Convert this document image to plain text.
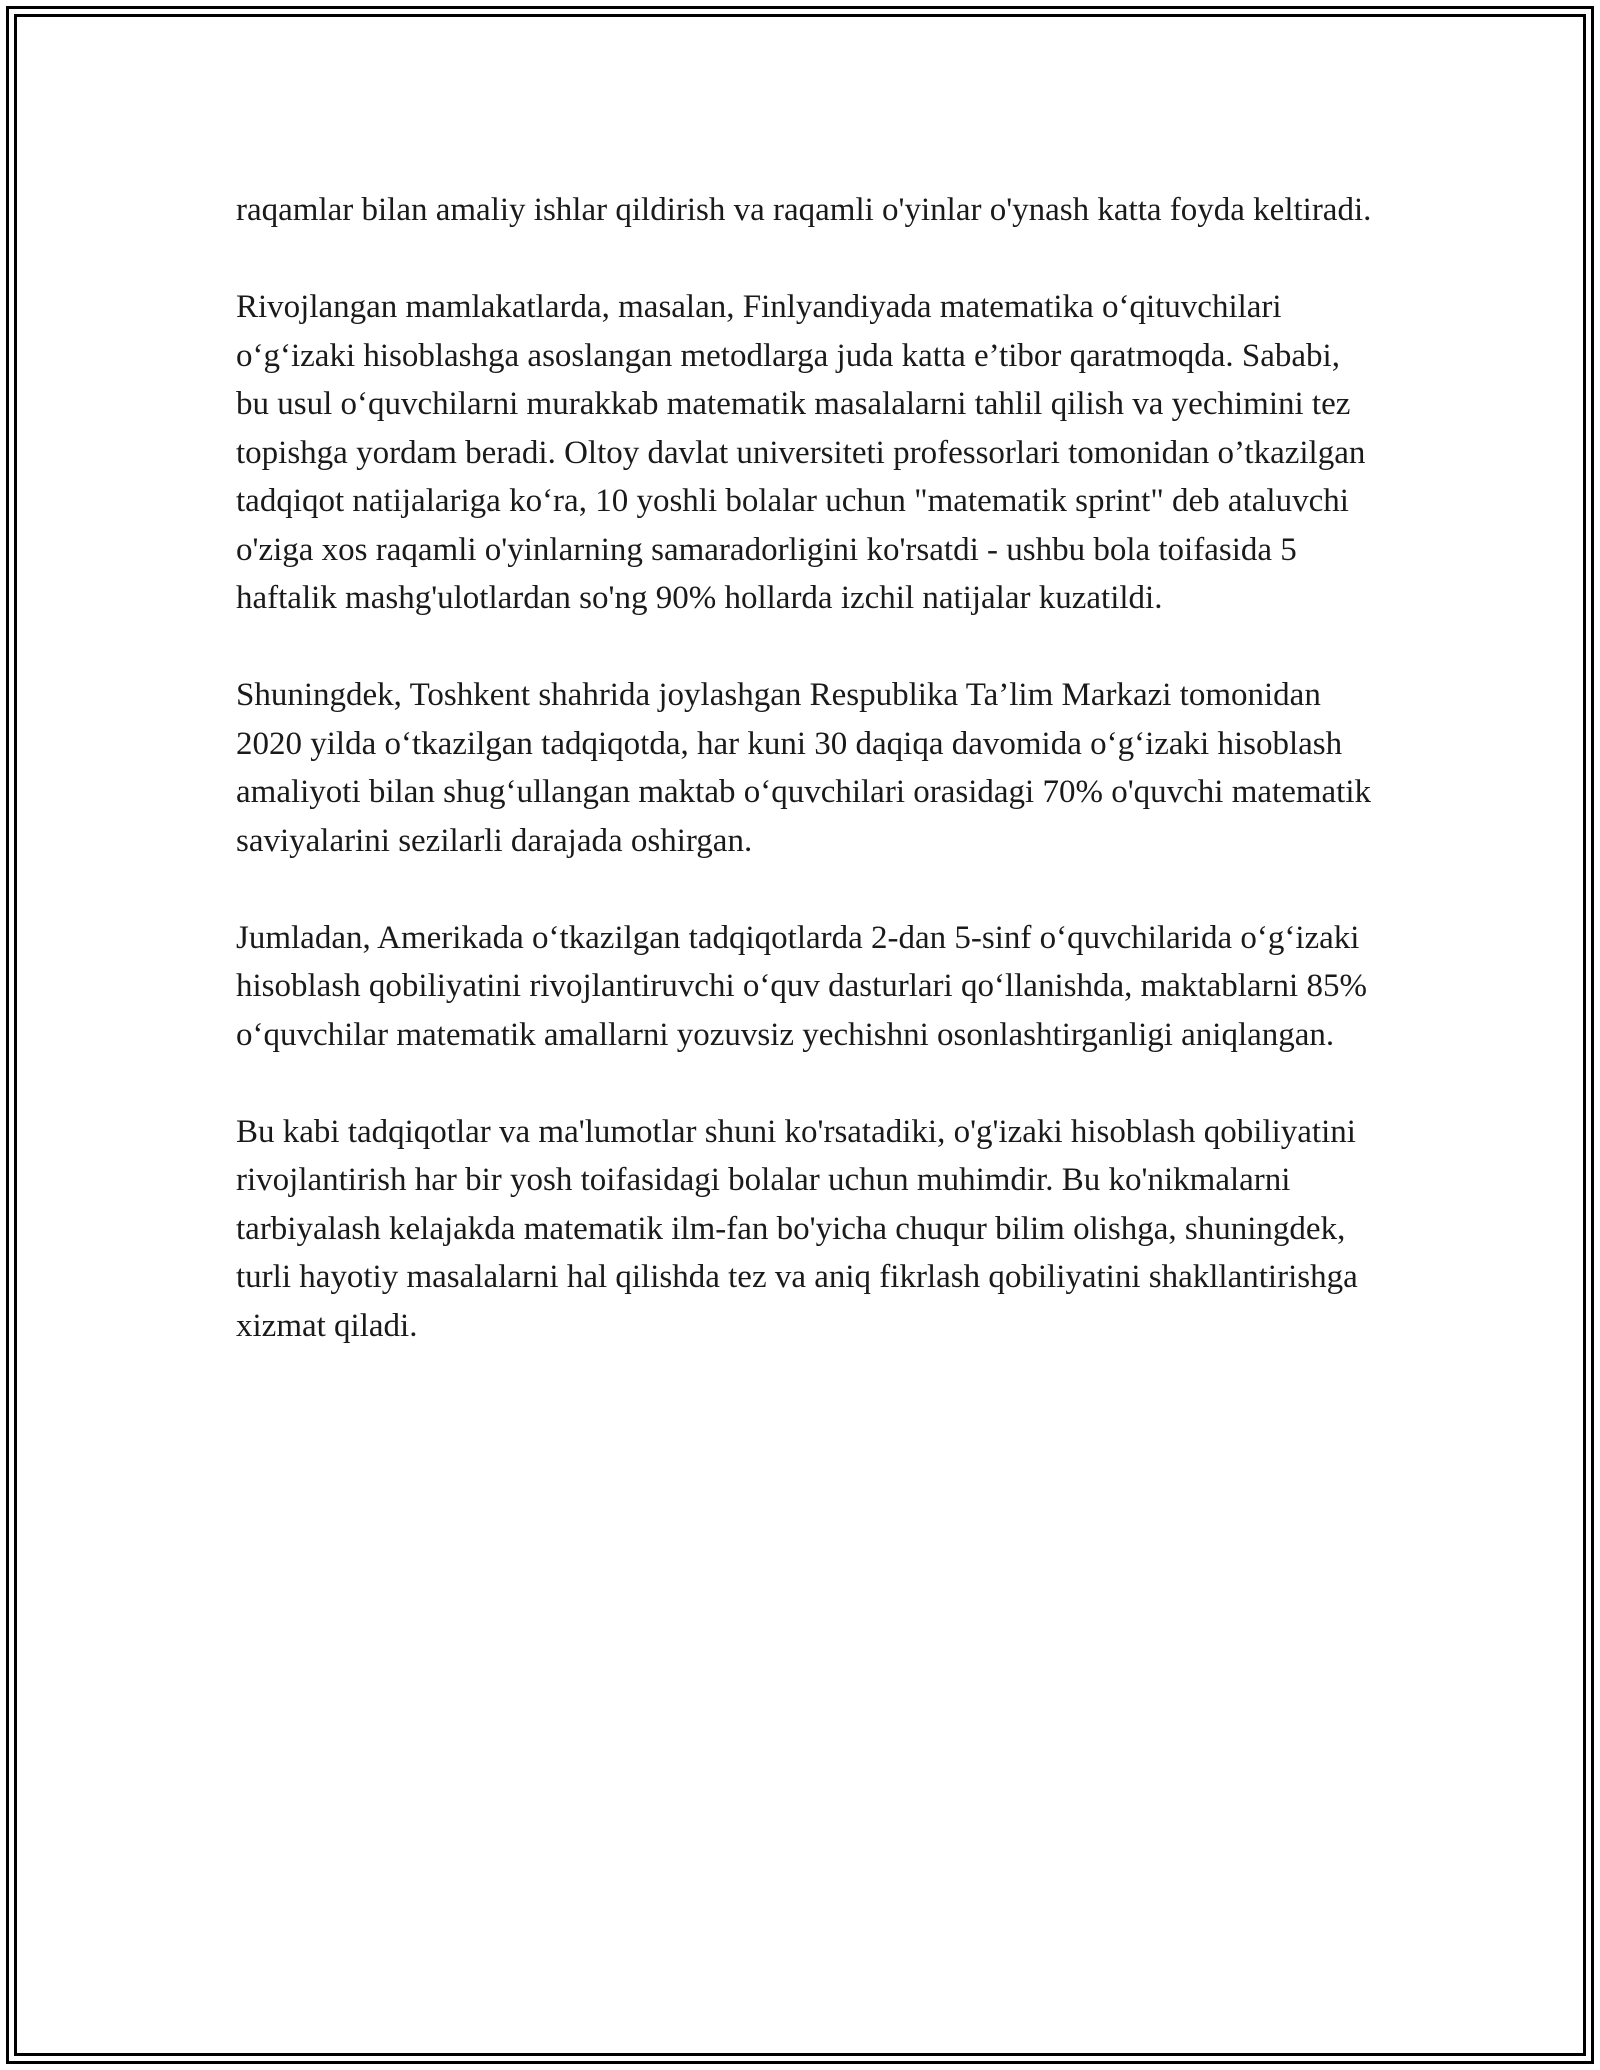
raqamlar bilan amaliy ishlar qildirish va raqamli o'yinlar o'ynash katta foyda keltiradi.

Rivojlangan mamlakatlarda, masalan, Finlyandiyada matematika o‘qituvchilari o‘g‘izaki hisoblashga asoslangan metodlarga juda katta e’tibor qaratmoqda. Sababi, bu usul o‘quvchilarni murakkab matematik masalalarni tahlil qilish va yechimini tez topishga yordam beradi. Oltoy davlat universiteti professorlari tomonidan o’tkazilgan tadqiqot natijalariga ko‘ra, 10 yoshli bolalar uchun "matematik sprint" deb ataluvchi o'ziga xos raqamli o'yinlarning samaradorligini ko'rsatdi - ushbu bola toifasida 5 haftalik mashg'ulotlardan so'ng 90% hollarda izchil natijalar kuzatildi.

Shuningdek, Toshkent shahrida joylashgan Respublika Ta’lim Markazi tomonidan 2020 yilda o‘tkazilgan tadqiqotda, har kuni 30 daqiqa davomida o‘g‘izaki hisoblash amaliyoti bilan shug‘ullangan maktab o‘quvchilari orasidagi 70% o'quvchi matematik saviyalarini sezilarli darajada oshirgan.

Jumladan, Amerikada o‘tkazilgan tadqiqotlarda 2-dan 5-sinf o‘quvchilarida o‘g‘izaki hisoblash qobiliyatini rivojlantiruvchi o‘quv dasturlari qo‘llanishda, maktablarni 85% o‘quvchilar matematik amallarni yozuvsiz yechishni osonlashtirganligi aniqlangan.

Bu kabi tadqiqotlar va ma'lumotlar shuni ko'rsatadiki, o'g'izaki hisoblash qobiliyatini rivojlantirish har bir yosh toifasidagi bolalar uchun muhimdir. Bu ko'nikmalarni tarbiyalash kelajakda matematik ilm-fan bo'yicha chuqur bilim olishga, shuningdek, turli hayotiy masalalarni hal qilishda tez va aniq fikrlash qobiliyatini shakllantirishga xizmat qiladi.
